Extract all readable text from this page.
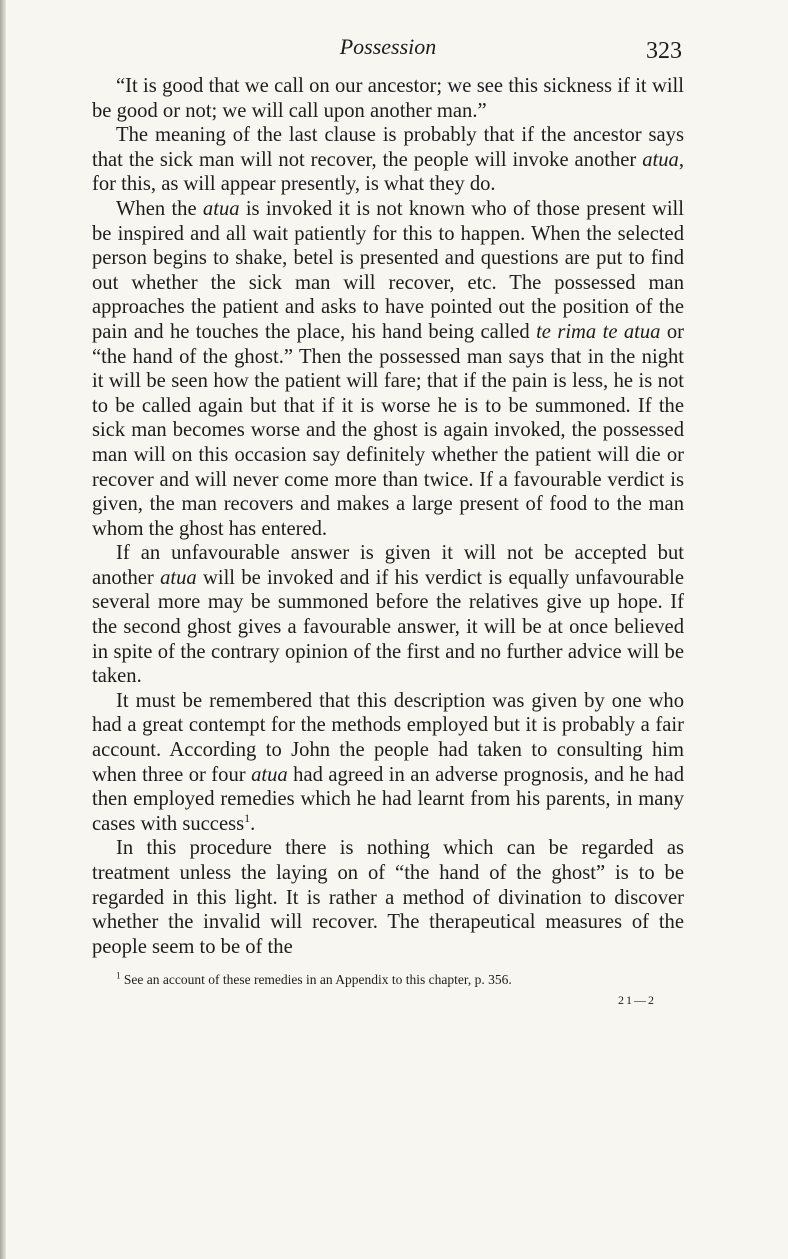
Possession	323

“It is good that we call on our ancestor; we see this sickness if it will be good or not; we will call upon another man.”

The meaning of the last clause is probably that if the ancestor says that the sick man will not recover, the people will invoke another atua, for this, as will appear presently, is what they do.

When the atua is invoked it is not known who of those present will be inspired and all wait patiently for this to happen. When the selected person begins to shake, betel is presented and questions are put to find out whether the sick man will recover, etc. The possessed man approaches the patient and asks to have pointed out the position of the pain and he touches the place, his hand being called te rima te atua or “the hand of the ghost.” Then the possessed man says that in the night it will be seen how the patient will fare; that if the pain is less, he is not to be called again but that if it is worse he is to be summoned. If the sick man becomes worse and the ghost is again invoked, the possessed man will on this occasion say definitely whether the patient will die or recover and will never come more than twice. If a favourable verdict is given, the man recovers and makes a large present of food to the man whom the ghost has entered.

If an unfavourable answer is given it will not be accepted but another atua will be invoked and if his verdict is equally unfavourable several more may be summoned before the relatives give up hope. If the second ghost gives a favourable answer, it will be at once believed in spite of the contrary opinion of the first and no further advice will be taken.

It must be remembered that this description was given by one who had a great contempt for the methods employed but it is probably a fair account. According to John the people had taken to consulting him when three or four atua had agreed in an adverse prognosis, and he had then employed remedies which he had learnt from his parents, in many cases with success$^1$.

In this procedure there is nothing which can be regarded as treatment unless the laying on of “the hand of the ghost” is to be regarded in this light. It is rather a method of divination to discover whether the invalid will recover. The therapeutical measures of the people seem to be of the

$^1$ See an account of these remedies in an Appendix to this chapter, p. 356.
21—2
